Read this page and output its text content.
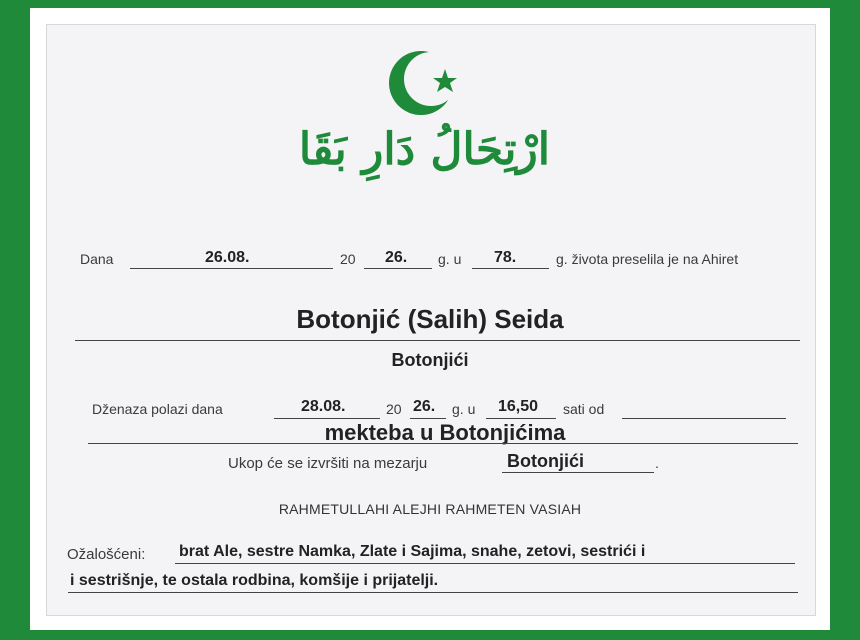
ارْتِحَالُ دَارِ بَقَا
Dana	26.08.	20 26. g. u 78.	g. života preselila je na Ahiret
Botonjić (Salih) Seida
Botonjići
Dženaza polazi dana	28.08.	20 26. g. u 16,50 sati od
mekteba u Botonjićima
Ukop će se izvršiti na mezarju	Botonjići	.
RAHMETULLAHI ALEJHI RAHMETEN VASIAH
Ožalošćeni: brat Ale, sestre Namka, Zlate i Sajima, snahe, zetovi, sestrići i
i sestrišnje, te ostala rodbina, komšije i prijatelji.
